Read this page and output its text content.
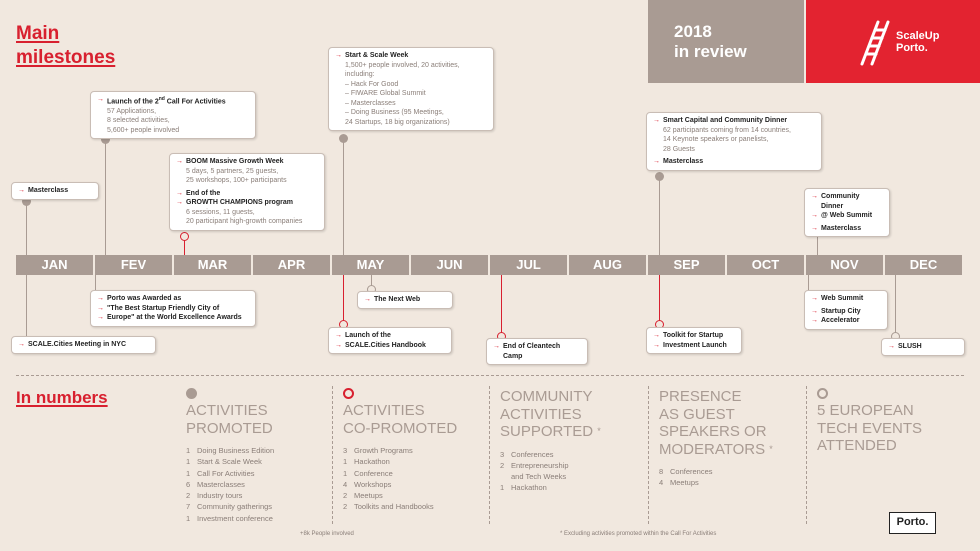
Main
milestones
2018
in review
ScaleUp
Porto.
JAN	FEV	MAR	APR	MAY	JUN	JUL	AUG	SEP	OCT	NOV	DEC
→ Masterclass
→ Launch of the 2nd Call For Activities
57 Applications,
8 selected activities,
5,600+ people involved
→ BOOM Massive Growth Week
5 days, 5 partners, 25 guests,
25 workshops, 100+ participants
→ End of the
→ GROWTH CHAMPIONS program
6 sessions, 11 guests,
20 participant high-growth companies
→ Start & Scale Week
1,500+ people involved, 20 activities,
including:
– Hack For Good
– FIWARE Global Summit
– Masterclasses
– Doing Business (95 Meetings,
24 Startups, 18 big organizations)	→ Smart Capital and Community Dinner
62 participants coming from 14 countries,
14 Keynote speakers or panelists,
28 Guests
→ Masterclass
→ Community Dinner
→ @ Web Summit
→ Masterclass
→ SCALE.Cities Meeting in NYC
→ Porto was Awarded as
→ "The Best Startup Friendly City of
→ Europe" at the World Excellence Awards
→ The Next Web
→ Launch of the
→ SCALE.Cities Handbook	→ End of Cleantech Camp
→ Toolkit for Startup
→ Investment Launch
→ Web Summit
→ Startup City
→ Accelerator
→ SLUSH
In numbers
ACTIVITIES
PROMOTED
1 Doing Business Edition
1 Start & Scale Week
1 Call For Activities
6 Masterclasses
2 Industry tours
7 Community gatherings
1 Investment conference
+8k People involved
ACTIVITIES
CO-PROMOTED
3 Growth Programs
1 Hackathon
1 Conference
4 Workshops
2 Meetups
2 Toolkits and Handbooks
COMMUNITY
ACTIVITIES
SUPPORTED *
3 Conferences
2 Entrepreneurship
and Tech Weeks
1 Hackathon
* Excluding activities promoted within the Call For Activities
PRESENCE
AS GUEST
SPEAKERS OR
MODERATORS *
8 Conferences
4 Meetups
5 EUROPEAN
TECH EVENTS
ATTENDED
Porto.
